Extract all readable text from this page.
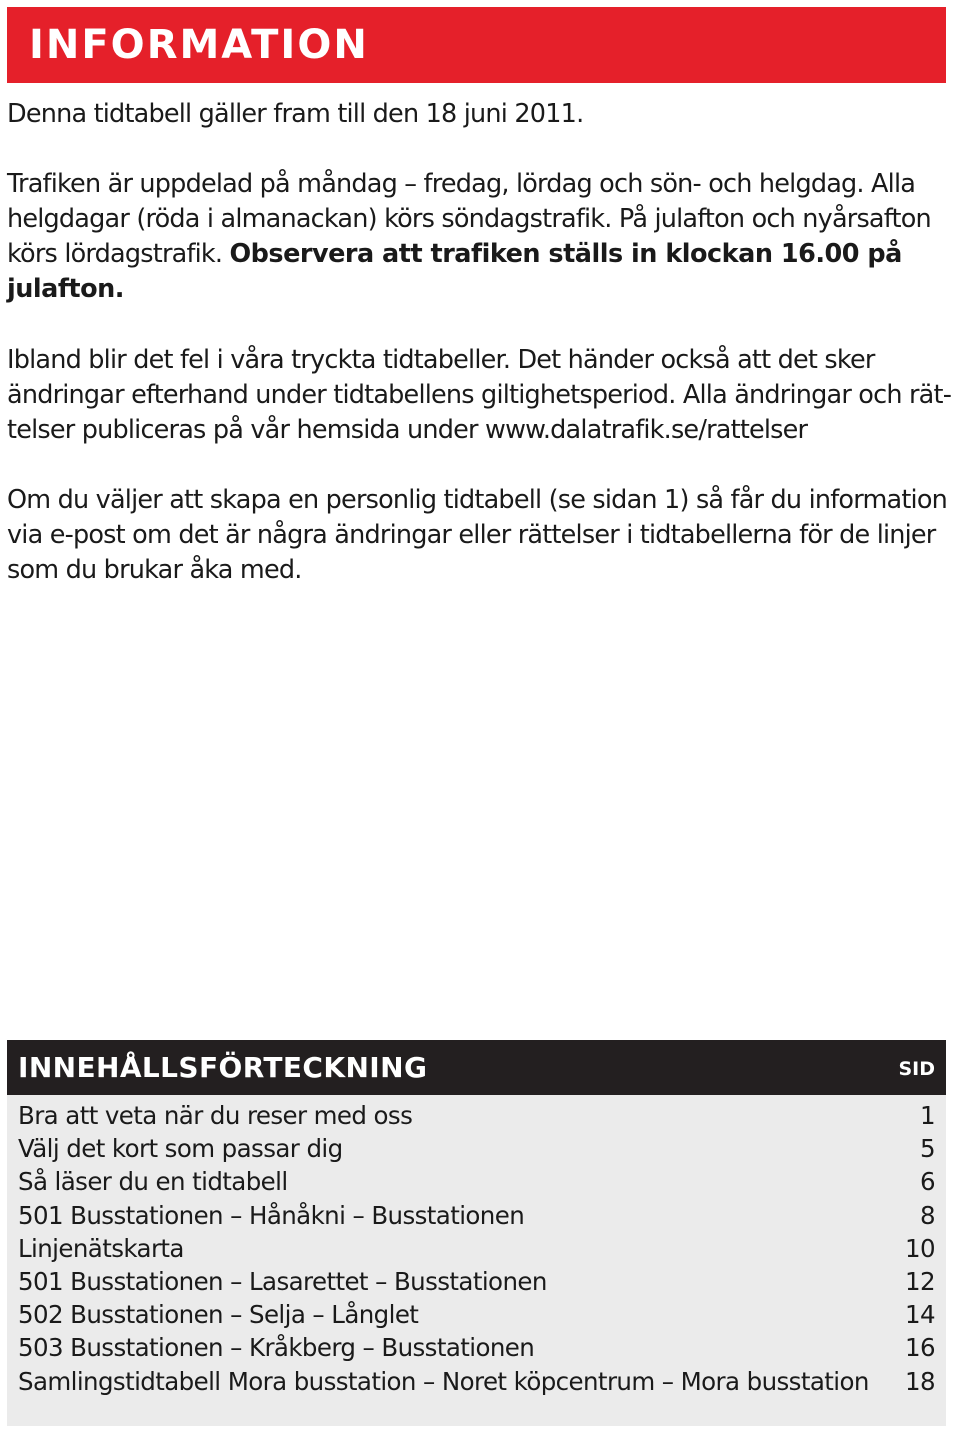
INFORMATION

Denna tidtabell gäller fram till den 18 juni 2011.

Trafiken är uppdelad på måndag – fredag, lördag och sön- och helgdag. Alla
helgdagar (röda i almanackan) körs söndagstrafik. På julafton och nyårsafton
körs lördagstrafik. Observera att trafiken ställs in klockan 16.00 på
julafton.

Ibland blir det fel i våra tryckta tidtabeller. Det händer också att det sker
ändringar efterhand under tidtabellens giltighetsperiod. Alla ändringar och rät-
telser publiceras på vår hemsida under www.dalatrafik.se/rattelser

Om du väljer att skapa en personlig tidtabell (se sidan 1) så får du information
via e-post om det är några ändringar eller rättelser i tidtabellerna för de linjer
som du brukar åka med.

INNEHÅLLSFÖRTECKNING	SID
Bra att veta när du reser med oss	1
Välj det kort som passar dig	5
Så läser du en tidtabell	6
501 Busstationen – Hånåkni – Busstationen	8
Linjenätskarta	10
501 Busstationen – Lasarettet – Busstationen	12
502 Busstationen – Selja – Långlet	14
503 Busstationen – Kråkberg – Busstationen	16
Samlingstidtabell Mora busstation – Noret köpcentrum – Mora busstation 18
